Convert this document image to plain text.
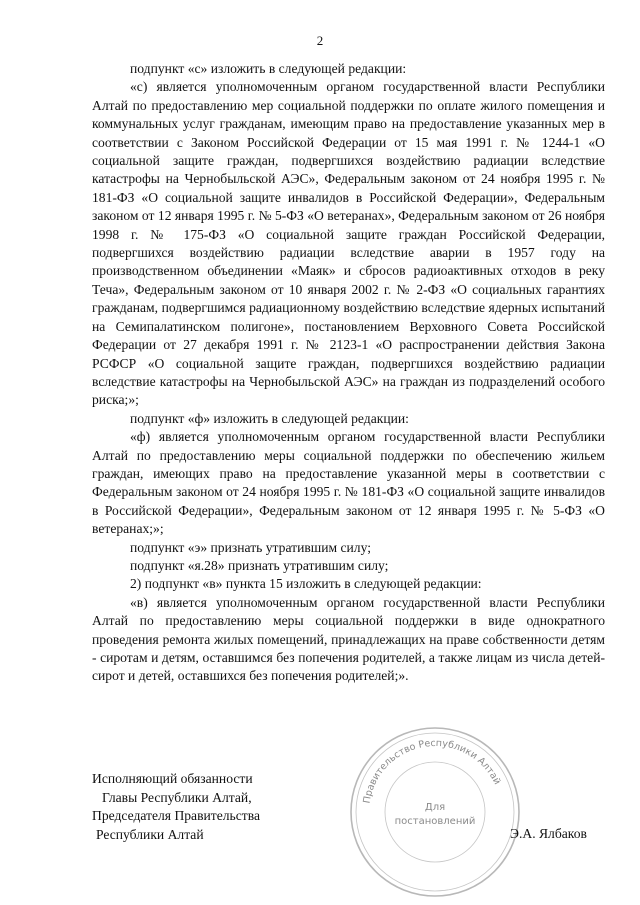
2

подпункт «с» изложить в следующей редакции:

«с) является уполномоченным органом государственной власти Республики Алтай по предоставлению мер социальной поддержки по оплате жилого помещения и коммунальных услуг гражданам, имеющим право на предоставление указанных мер в соответствии с Законом Российской Федерации от 15 мая 1991 г. № 1244-1 «О социальной защите граждан, подвергшихся воздействию радиации вследствие катастрофы на Чернобыльской АЭС», Федеральным законом от 24 ноября 1995 г. № 181-ФЗ «О социальной защите инвалидов в Российской Федерации», Федеральным законом от 12 января 1995 г. № 5-ФЗ «О ветеранах», Федеральным законом от 26 ноября 1998 г. № 175-ФЗ «О социальной защите граждан Российской Федерации, подвергшихся воздействию радиации вследствие аварии в 1957 году на производственном объединении «Маяк» и сбросов радиоактивных отходов в реку Теча», Федеральным законом от 10 января 2002 г. № 2-ФЗ «О социальных гарантиях гражданам, подвергшимся радиационному воздействию вследствие ядерных испытаний на Семипалатинском полигоне», постановлением Верховного Совета Российской Федерации от 27 декабря 1991 г. № 2123-1 «О распространении действия Закона РСФСР «О социальной защите граждан, подвергшихся воздействию радиации вследствие катастрофы на Чернобыльской АЭС» на граждан из подразделений особого риска;»;

подпункт «ф» изложить в следующей редакции:

«ф) является уполномоченным органом государственной власти Республики Алтай по предоставлению меры социальной поддержки по обеспечению жильем граждан, имеющих право на предоставление указанной меры в соответствии с Федеральным законом от 24 ноября 1995 г. № 181-ФЗ «О социальной защите инвалидов в Российской Федерации», Федеральным законом от 12 января 1995 г. № 5-ФЗ «О ветеранах;»;

подпункт «э» признать утратившим силу;

подпункт «я.28» признать утратившим силу;

2) подпункт «в» пункта 15 изложить в следующей редакции:

«в) является уполномоченным органом государственной власти Республики Алтай по предоставлению меры социальной поддержки в виде однократного проведения ремонта жилых помещений, принадлежащих на праве собственности детям - сиротам и детям, оставшимся без попечения родителей, а также лицам из числа детей-сирот и детей, оставшихся без попечения родителей;».

Правительство Республики Алтай
Для
постановлений
Исполняющий обязанности
Главы Республики Алтай,
Председателя Правительства
Республики Алтай	Э.А. Ялбаков
